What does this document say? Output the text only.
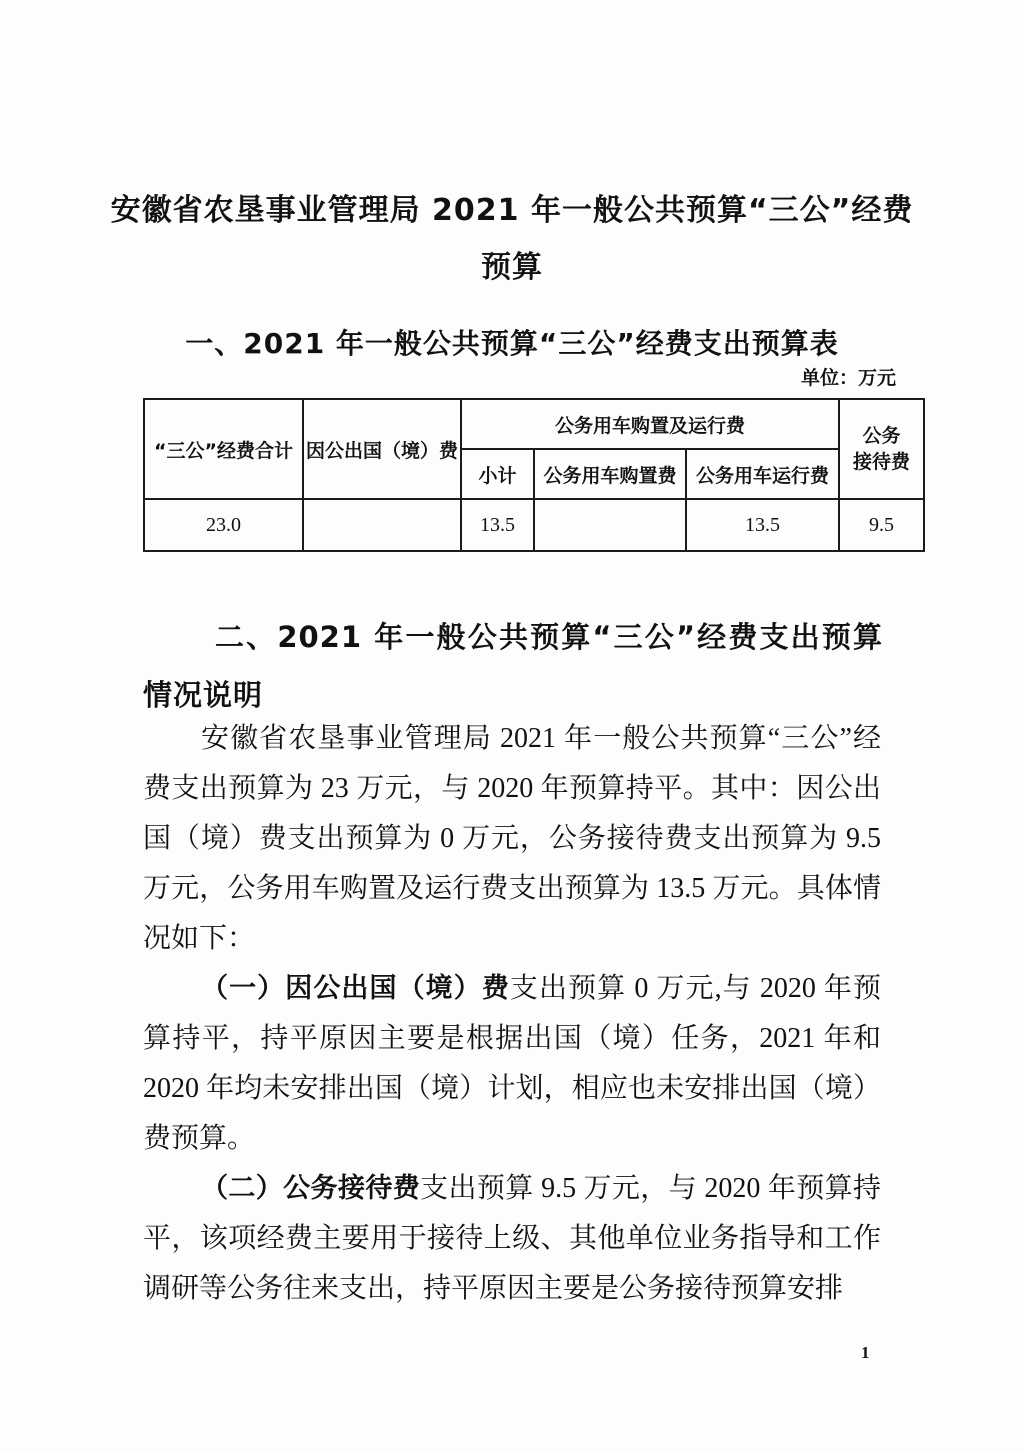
安徽省农垦事业管理局 2021 年一般公共预算“三公”经费
预算
一、2021 年一般公共预算“三公”经费支出预算表
单位：万元
“三公”经费合计	因公出国（境）费	公务用车购置及运行费			公务
接待费

		小计	公务用车购置费	公务用车运行费	
23.0		13.5		13.5	9.5
二、2021 年一般公共预算“三公”经费支出预算情况说明

安徽省农垦事业管理局 2021 年一般公共预算“三公”经费支出预算为 23 万元，与 2020 年预算持平。其中：因公出国（境）费支出预算为 0 万元，公务接待费支出预算为 9.5 万元，公务用车购置及运行费支出预算为 13.5 万元。具体情况如下：

（一）因公出国（境）费支出预算 0 万元,与 2020 年预算持平，持平原因主要是根据出国（境）任务，2021 年和 2020 年均未安排出国（境）计划，相应也未安排出国（境）费预算。

（二）公务接待费支出预算 9.5 万元，与 2020 年预算持平，该项经费主要用于接待上级、其他单位业务指导和工作调研等公务往来支出，持平原因主要是公务接待预算安排

1
